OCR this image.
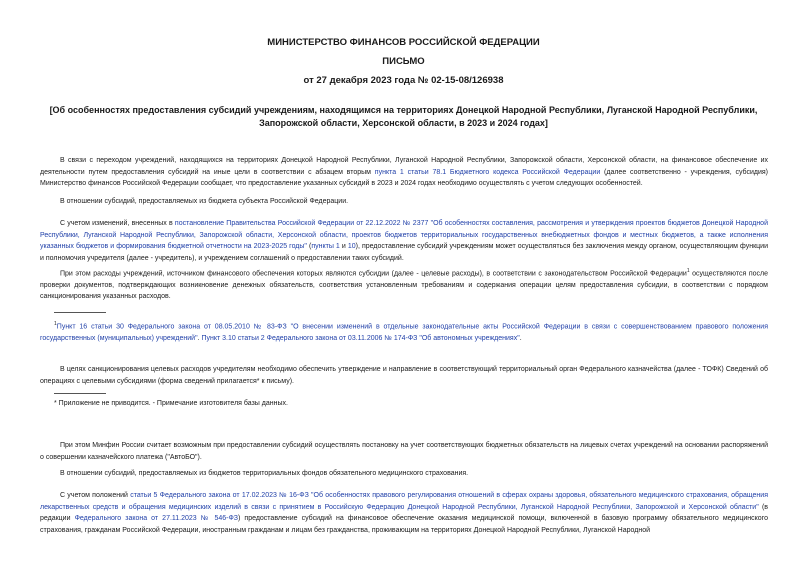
МИНИСТЕРСТВО ФИНАНСОВ РОССИЙСКОЙ ФЕДЕРАЦИИ
ПИСЬМО
от 27 декабря 2023 года № 02-15-08/126938
[Об особенностях предоставления субсидий учреждениям, находящимся на территориях Донецкой Народной Республики, Луганской Народной Республики, Запорожской области, Херсонской области, в 2023 и 2024 годах]

В связи с переходом учреждений, находящихся на территориях Донецкой Народной Республики, Луганской Народной Республики, Запорожской области, Херсонской области, на финансовое обеспечение их деятельности путем предоставления субсидий на иные цели в соответствии с абзацем вторым пункта 1 статьи 78.1 Бюджетного кодекса Российской Федерации (далее соответственно - учреждения, субсидия) Министерство финансов Российской Федерации сообщает, что предоставление указанных субсидий в 2023 и 2024 годах необходимо осуществлять с учетом следующих особенностей.

В отношении субсидий, предоставляемых из бюджета субъекта Российской Федерации.

С учетом изменений, внесенных в постановление Правительства Российской Федерации от 22.12.2022 № 2377 "Об особенностях составления, рассмотрения и утверждения проектов бюджетов Донецкой Народной Республики, Луганской Народной Республики, Запорожской области, Херсонской области, проектов бюджетов территориальных государственных внебюджетных фондов и местных бюджетов, а также исполнения указанных бюджетов и формирования бюджетной отчетности на 2023-2025 годы" (пункты 1 и 10), предоставление субсидий учреждениям может осуществляться без заключения между органом, осуществляющим функции и полномочия учредителя (далее - учредитель), и учреждением соглашений о предоставлении таких субсидий.

При этом расходы учреждений, источником финансового обеспечения которых являются субсидии (далее - целевые расходы), в соответствии с законодательством Российской Федерации$^1$ осуществляются после проверки документов, подтверждающих возникновение денежных обязательств, соответствия установленным требованиям и содержания операции целям предоставления субсидии, в соответствии с порядком санкционирования указанных расходов.

$^1$Пункт 16 статьи 30 Федерального закона от 08.05.2010 № 83-ФЗ "О внесении изменений в отдельные законодательные акты Российской Федерации в связи с совершенствованием правового положения государственных (муниципальных) учреждений". Пункт 3.10 статьи 2 Федерального закона от 03.11.2006 № 174-ФЗ "Об автономных учреждениях".

В целях санкционирования целевых расходов учредителям необходимо обеспечить утверждение и направление в соответствующий территориальный орган Федерального казначейства (далее - ТОФК) Сведений об операциях с целевыми субсидиями (форма сведений прилагается* к письму).

* Приложение не приводится. - Примечание изготовителя базы данных.

При этом Минфин России считает возможным при предоставлении субсидий осуществлять постановку на учет соответствующих бюджетных обязательств на лицевых счетах учреждений на основании распоряжений о совершении казначейского платежа ("АвтоБО").

В отношении субсидий, предоставляемых из бюджетов территориальных фондов обязательного медицинского страхования.

С учетом положений статьи 5 Федерального закона от 17.02.2023 № 16-ФЗ "Об особенностях правового регулирования отношений в сферах охраны здоровья, обязательного медицинского страхования, обращения лекарственных средств и обращения медицинских изделий в связи с принятием в Российскую Федерацию Донецкой Народной Республики, Луганской Народной Республики, Запорожской и Херсонской области" (в редакции Федерального закона от 27.11.2023 № 546-ФЗ) предоставление субсидий на финансовое обеспечение оказания медицинской помощи, включенной в базовую программу обязательного медицинского страхования, гражданам Российской Федерации, иностранным гражданам и лицам без гражданства, проживающим на территориях Донецкой Народной Республики, Луганской Народной
